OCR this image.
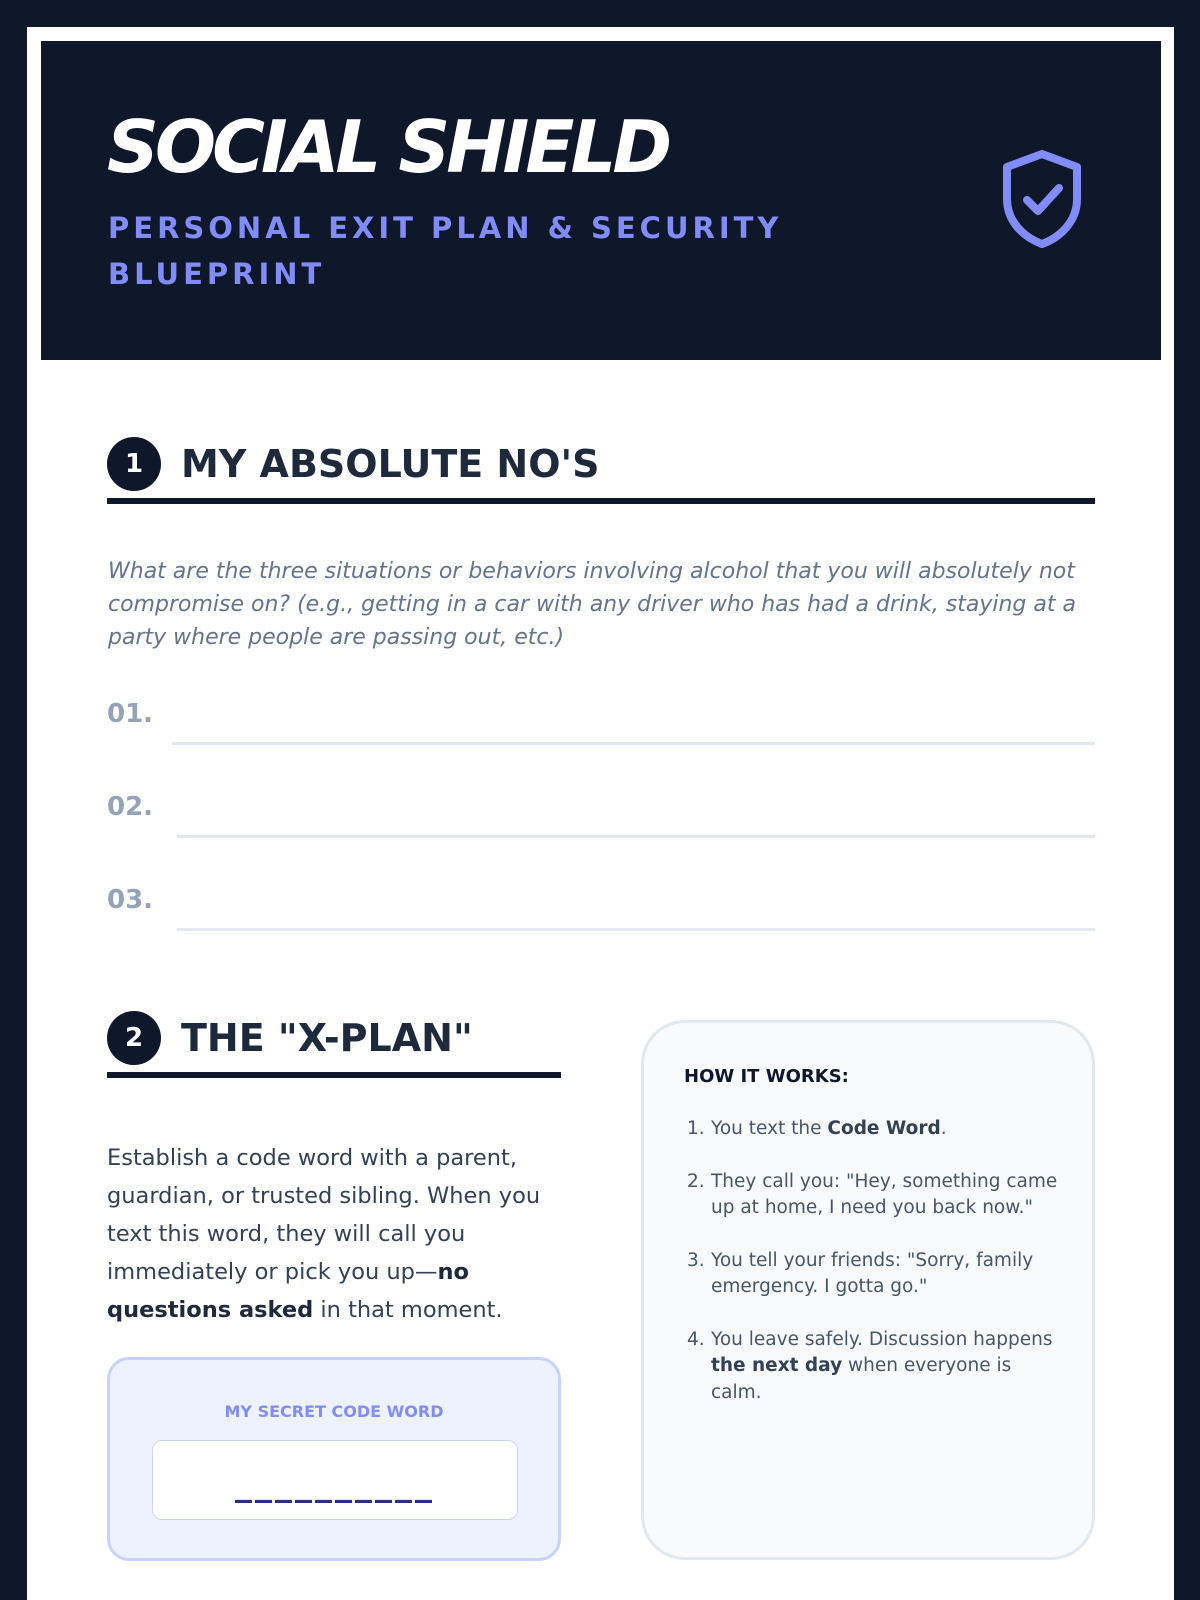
SOCIAL SHIELD
PERSONAL EXIT PLAN & SECURITY BLUEPRINT
1 MY ABSOLUTE NO'S
What are the three situations or behaviors involving alcohol that you will absolutely not compromise on? (e.g., getting in a car with any driver who has had a drink, staying at a party where people are passing out, etc.)
01.
02.
03.
2 THE "X-PLAN"
Establish a code word with a parent, guardian, or trusted sibling. When you text this word, they will call you immediately or pick you up—no questions asked in that moment.
MY SECRET CODE WORD
__________
HOW IT WORKS:
1. You text the Code Word.
2. They call you: "Hey, something came up at home, I need you back now."
3. You tell your friends: "Sorry, family emergency. I gotta go."
4. You leave safely. Discussion happens the next day when everyone is calm.
